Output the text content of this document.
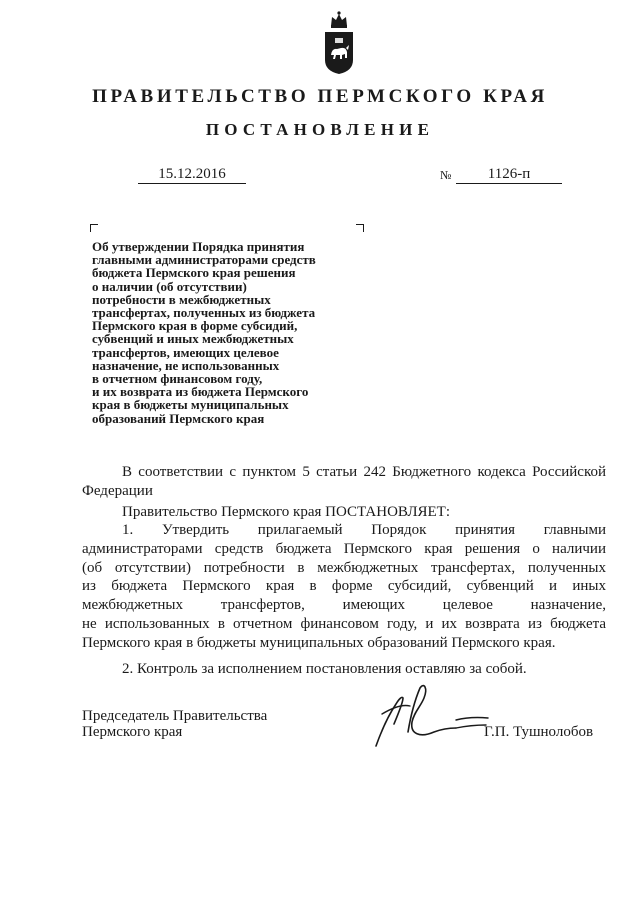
ПРАВИТЕЛЬСТВО ПЕРМСКОГО КРАЯ
ПОСТАНОВЛЕНИЕ
15.12.2016	№	1126-п
Об утверждении Порядка принятия
главными администраторами средств
бюджета Пермского края решения
о наличии (об отсутствии)
потребности в межбюджетных
трансфертах, полученных из бюджета
Пермского края в форме субсидий,
субвенций и иных межбюджетных
трансфертов, имеющих целевое
назначение, не использованных
в отчетном финансовом году,
и их возврата из бюджета Пермского
края в бюджеты муниципальных
образований Пермского края
В соответствии с пунктом 5 статьи 242 Бюджетного кодекса Российской
Федерации
Правительство Пермского края ПОСТАНОВЛЯЕТ:
1. Утвердить прилагаемый Порядок принятия главными
администраторами средств бюджета Пермского края решения о наличии
(об отсутствии) потребности в межбюджетных трансфертах, полученных
из бюджета Пермского края в форме субсидий, субвенций и иных
межбюджетных трансфертов, имеющих целевое назначение,
не использованных в отчетном финансовом году, и их возврата из бюджета
Пермского края в бюджеты муниципальных образований Пермского края.
2. Контроль за исполнением постановления оставляю за собой.
Председатель Правительства
Пермского края	Г.П. Тушнолобов
